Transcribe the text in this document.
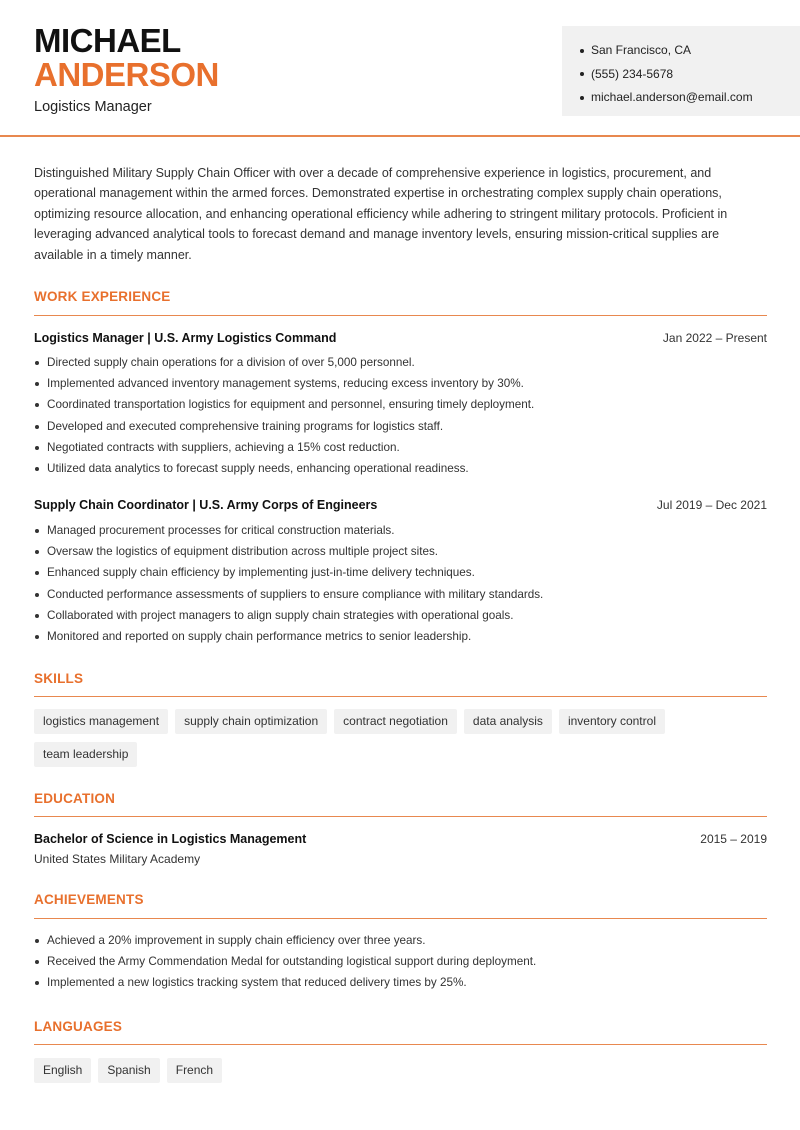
MICHAEL
ANDERSON
Logistics Manager
San Francisco, CA
(555) 234-5678
michael.anderson@email.com

Distinguished Military Supply Chain Officer with over a decade of comprehensive experience in logistics, procurement, and operational management within the armed forces. Demonstrated expertise in orchestrating complex supply chain operations, optimizing resource allocation, and enhancing operational efficiency while adhering to stringent military protocols. Proficient in leveraging advanced analytical tools to forecast demand and manage inventory levels, ensuring mission-critical supplies are available in a timely manner.

WORK EXPERIENCE
Logistics Manager | U.S. Army Logistics Command	Jan 2022 – Present
Directed supply chain operations for a division of over 5,000 personnel.
Implemented advanced inventory management systems, reducing excess inventory by 30%.
Coordinated transportation logistics for equipment and personnel, ensuring timely deployment.
Developed and executed comprehensive training programs for logistics staff.
Negotiated contracts with suppliers, achieving a 15% cost reduction.
Utilized data analytics to forecast supply needs, enhancing operational readiness.
Supply Chain Coordinator | U.S. Army Corps of Engineers	Jul 2019 – Dec 2021
Managed procurement processes for critical construction materials.
Oversaw the logistics of equipment distribution across multiple project sites.
Enhanced supply chain efficiency by implementing just-in-time delivery techniques.
Conducted performance assessments of suppliers to ensure compliance with military standards.
Collaborated with project managers to align supply chain strategies with operational goals.
Monitored and reported on supply chain performance metrics to senior leadership.
SKILLS
logistics management	supply chain optimization	contract negotiation	data analysis	inventory control
team leadership
EDUCATION
Bachelor of Science in Logistics Management	2015 – 2019
United States Military Academy
ACHIEVEMENTS
Achieved a 20% improvement in supply chain efficiency over three years.
Received the Army Commendation Medal for outstanding logistical support during deployment.
Implemented a new logistics tracking system that reduced delivery times by 25%.
LANGUAGES
English	Spanish	French
